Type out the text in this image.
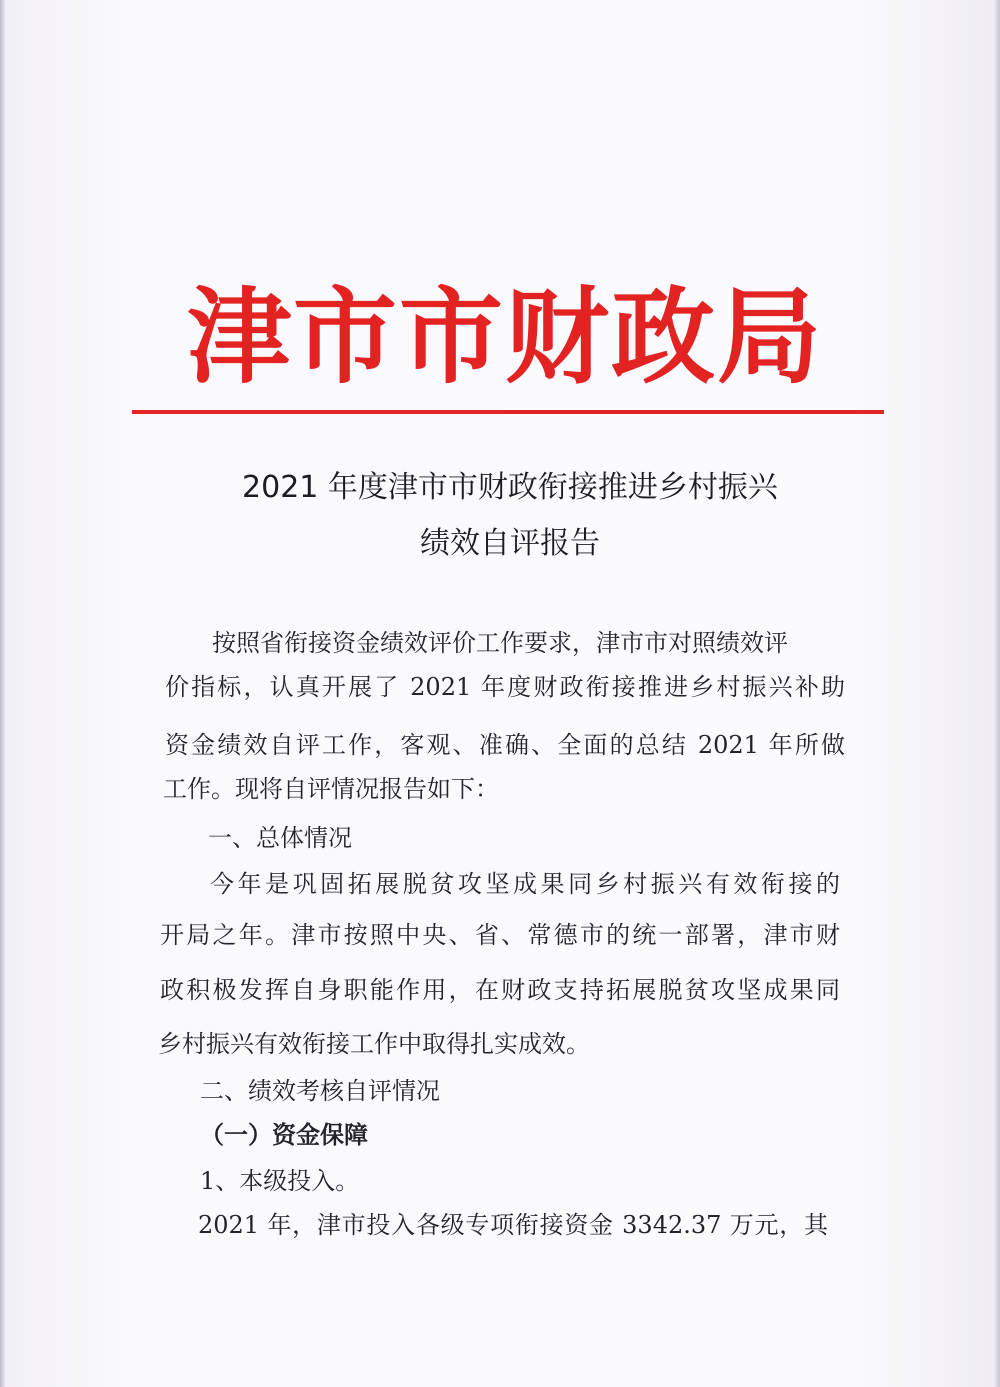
津市市财政局
2021 年度津市市财政衔接推进乡村振兴
绩效自评报告
按照省衔接资金绩效评价工作要求，津市市对照绩效评
价指标，认真开展了 2021 年度财政衔接推进乡村振兴补助
资金绩效自评工作，客观、准确、全面的总结 2021 年所做
工作。现将自评情况报告如下：
一、总体情况
今年是巩固拓展脱贫攻坚成果同乡村振兴有效衔接的
开局之年。津市按照中央、省、常德市的统一部署，津市财
政积极发挥自身职能作用，在财政支持拓展脱贫攻坚成果同
乡村振兴有效衔接工作中取得扎实成效。
二、绩效考核自评情况
（一）资金保障
1、本级投入。
2021 年，津市投入各级专项衔接资金 3342.37 万元，其
